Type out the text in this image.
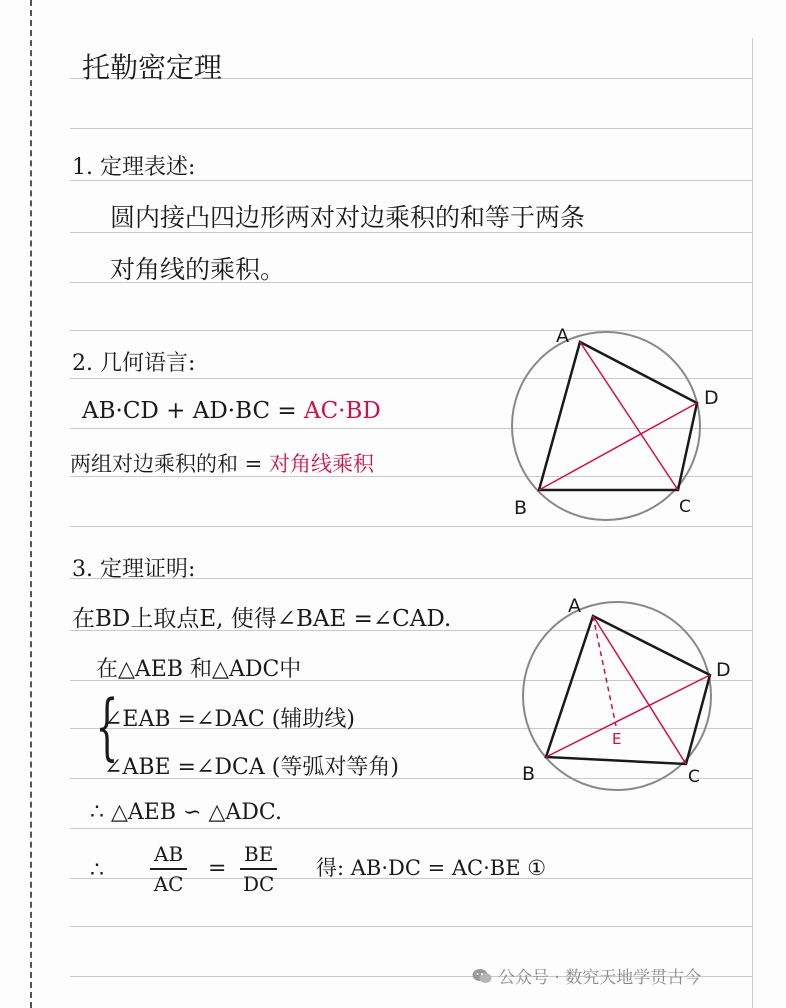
托勒密定理
1. 定理表述:
圆内接凸四边形两对对边乘积的和等于两条
对角线的乘积。
2. 几何语言:
AB·CD + AD·BC = AC·BD
两组对边乘积的和 = 对角线乘积
A
D
B	C
3. 定理证明:
在BD上取点E, 使得∠BAE =∠CAD.
在△AEB 和△ADC中
{
∠EAB =∠DAC (辅助线)
∠ABE =∠DCA (等弧对等角)
∴ △AEB ∽ △ADC.
∴ $\frac{AB}{AC} = \frac{BE}{DC}$ 得: AB·DC = AC·BE ①
A
D
B	C
E
公众号 · 数究天地学贯古今
